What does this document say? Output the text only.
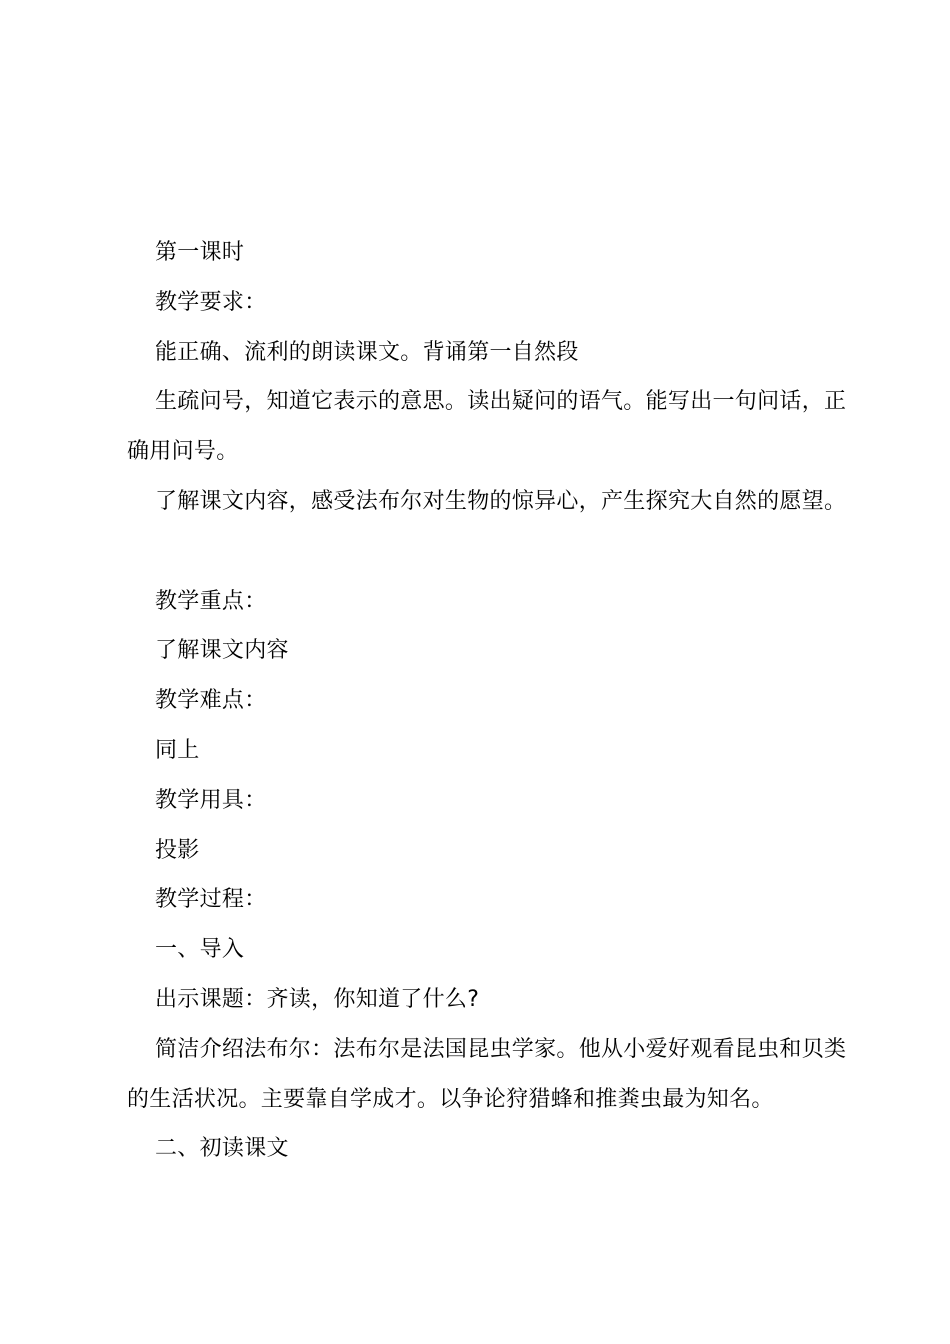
第一课时

教学要求：

能正确、流利的朗读课文。背诵第一自然段

生疏问号，知道它表示的意思。读出疑问的语气。能写出一句问话，正确用问号。

了解课文内容，感受法布尔对生物的惊异心，产生探究大自然的愿望。

教学重点：

了解课文内容

教学难点：

同上

教学用具：

投影

教学过程：

一、导入

出示课题：齐读，你知道了什么?

简洁介绍法布尔：法布尔是法国昆虫学家。他从小爱好观看昆虫和贝类的生活状况。主要靠自学成才。以争论狩猎蜂和推粪虫最为知名。

二、初读课文
